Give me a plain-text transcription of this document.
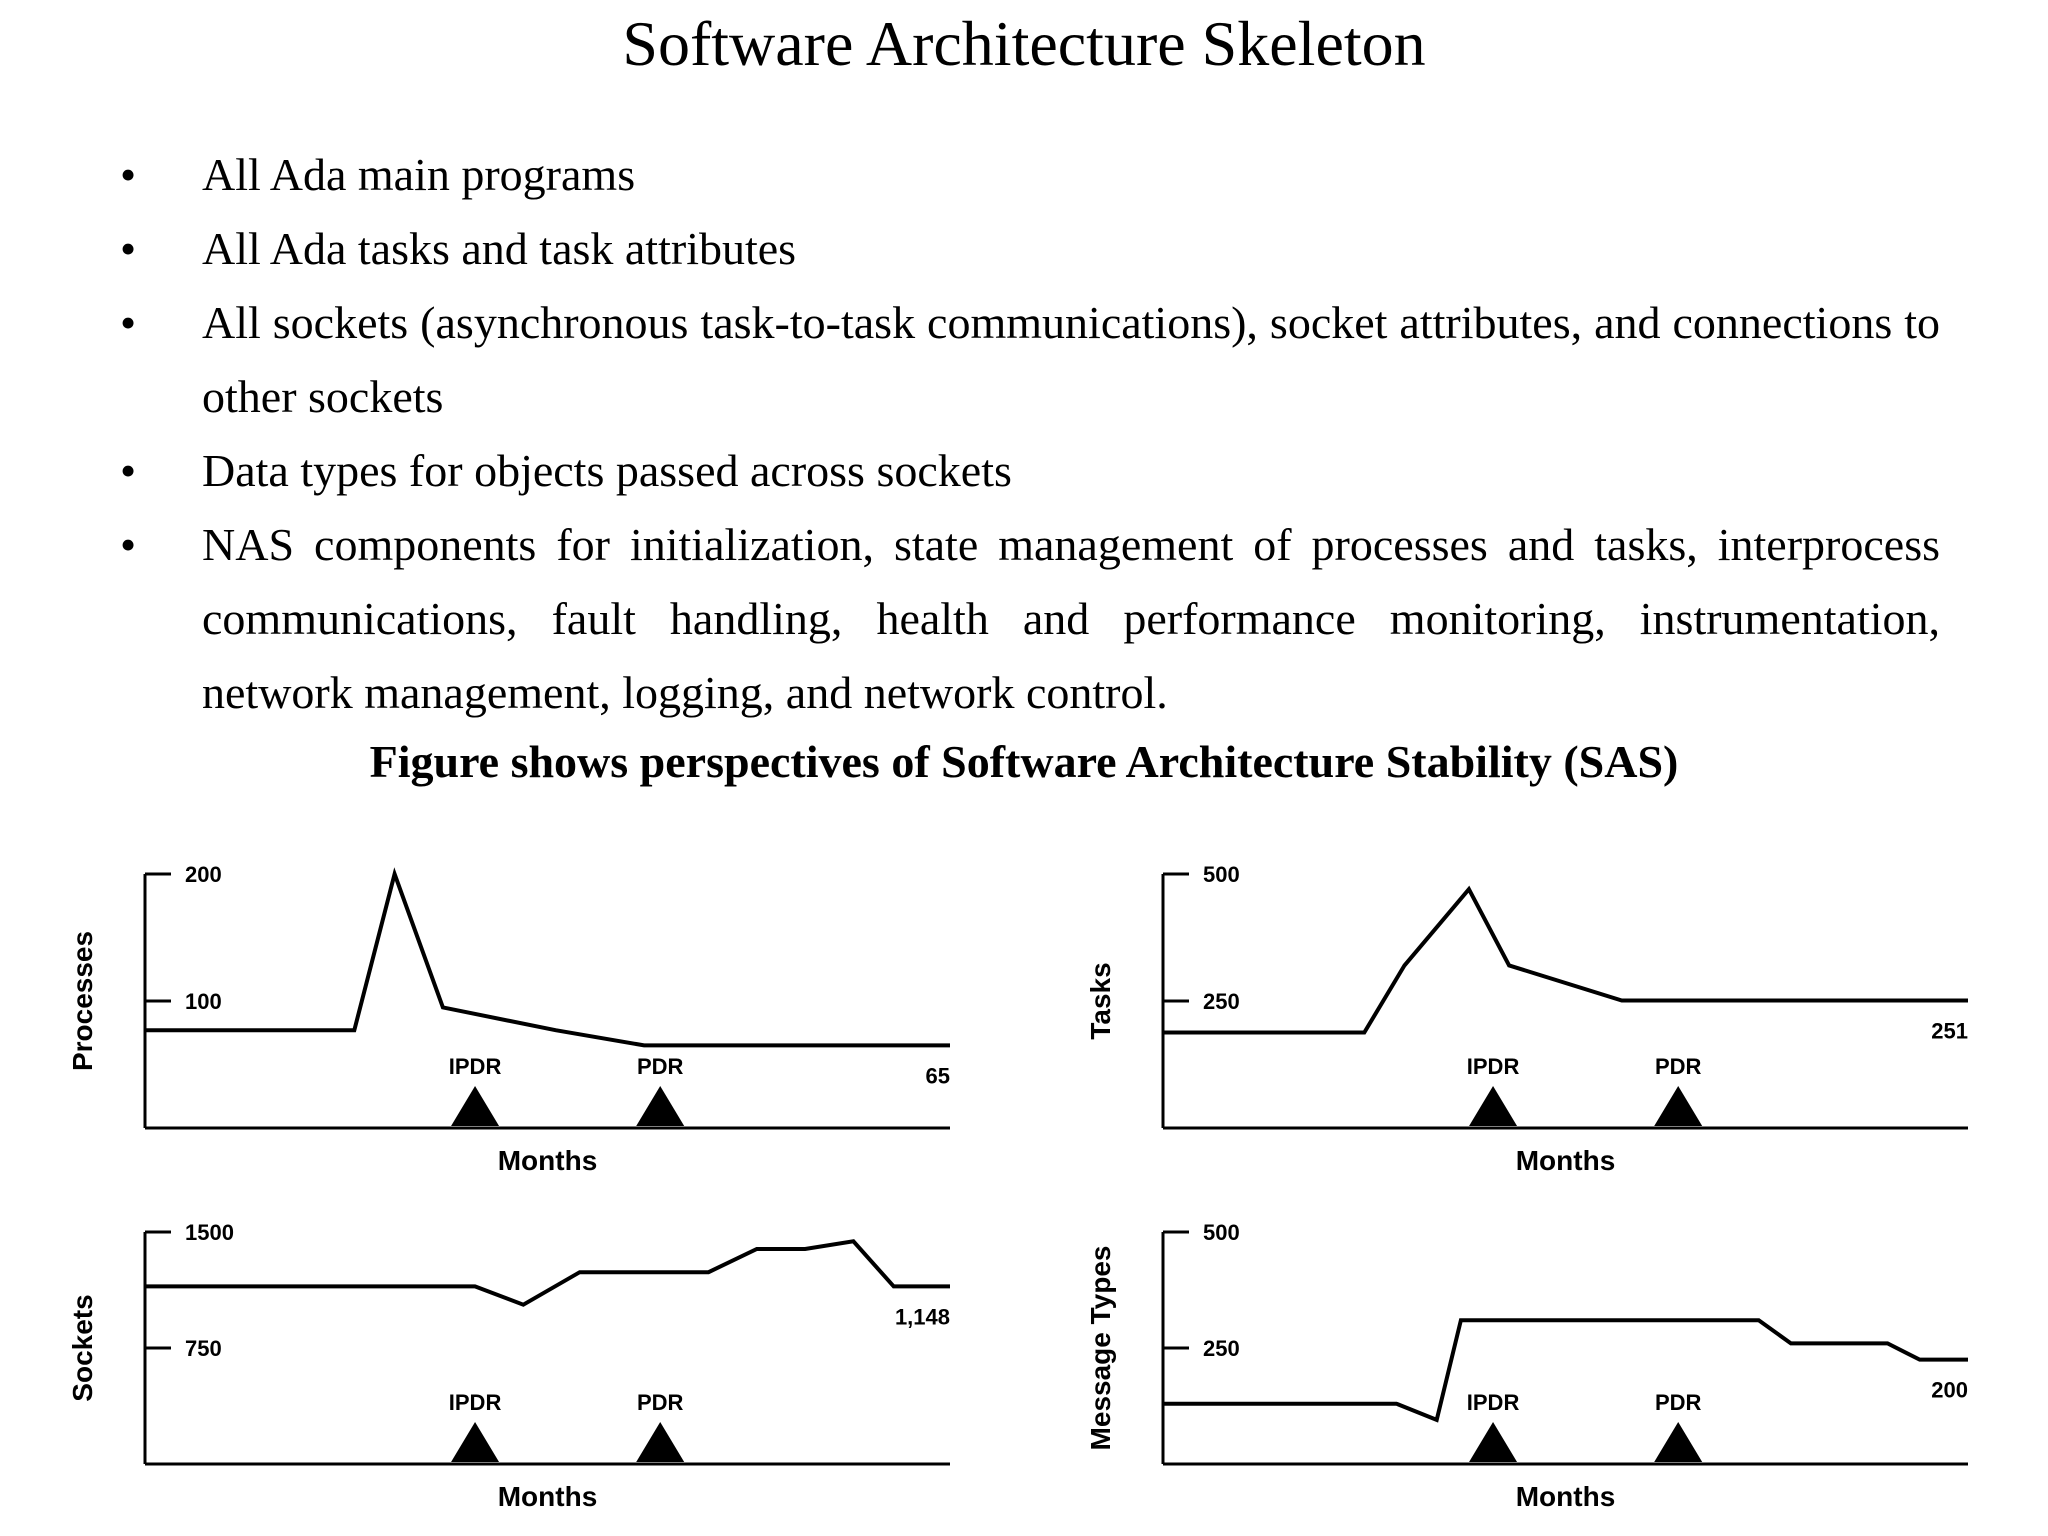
Software Architecture Skeleton
• All Ada main programs
• All Ada tasks and task attributes
• All sockets (asynchronous task-to-task communications), socket attributes, and connections to other sockets
• Data types for objects passed across sockets
• NAS components for initialization, state management of processes and tasks, interprocess communications, fault handling, health and performance monitoring, instrumentation, network management, logging, and network control.
Figure shows perspectives of Software Architecture Stability (SAS)
100
200
Processes
Months
IPDR	PDR	65
250
500
Tasks
Months
IPDR	PDR
251
750
1500
Sockets
Months
IPDR	PDR
1,148
250
500
Message Types
Months
IPDR	PDR	200
